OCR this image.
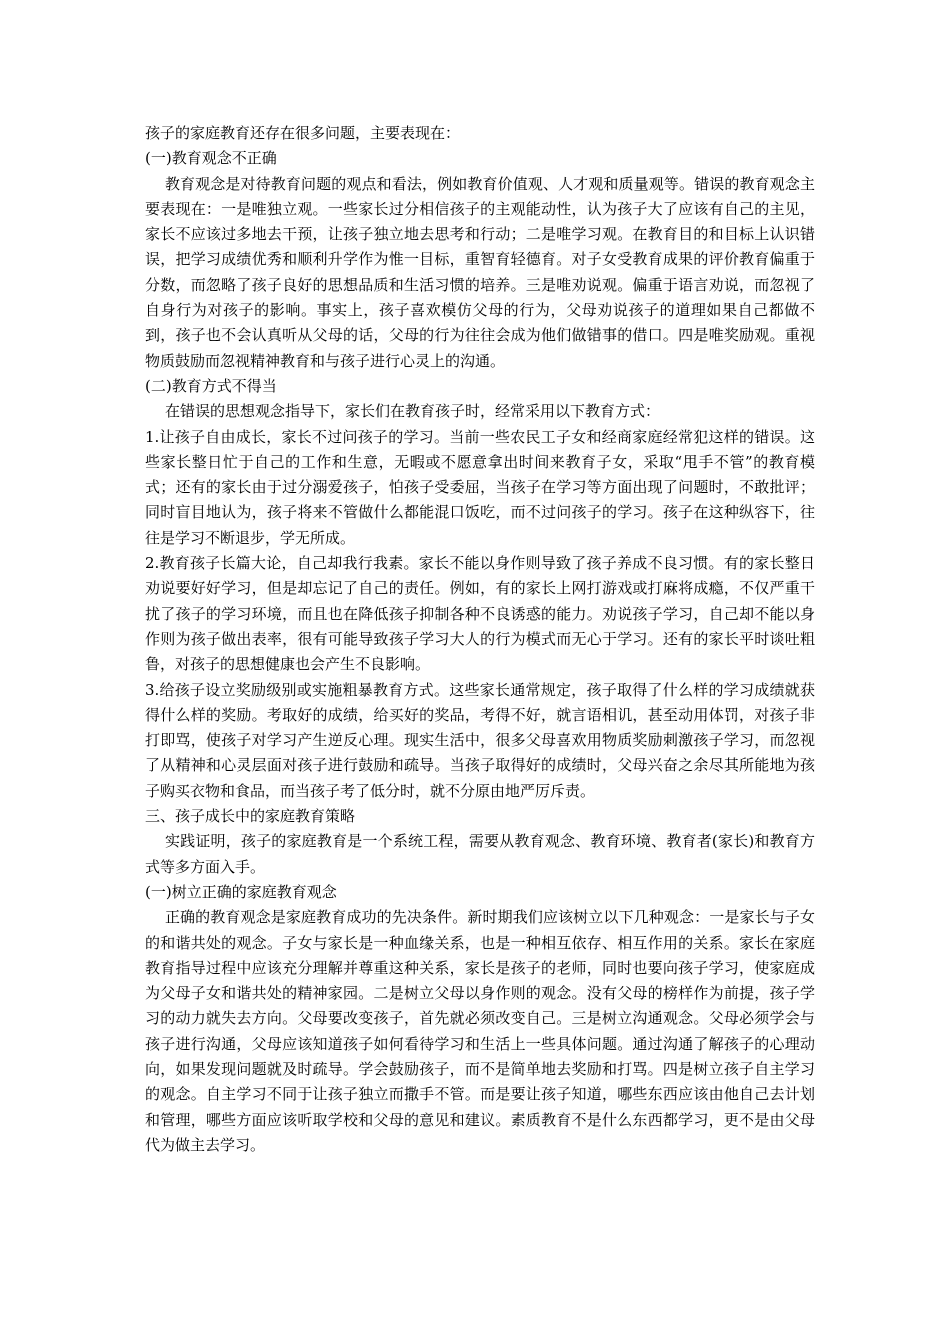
孩子的家庭教育还存在很多问题，主要表现在：

(一)教育观念不正确

教育观念是对待教育问题的观点和看法，例如教育价值观、人才观和质量观等。错误的教育观念主要表现在：一是唯独立观。一些家长过分相信孩子的主观能动性，认为孩子大了应该有自己的主见，家长不应该过多地去干预，让孩子独立地去思考和行动；二是唯学习观。在教育目的和目标上认识错误，把学习成绩优秀和顺利升学作为惟一目标，重智育轻德育。对子女受教育成果的评价教育偏重于分数，而忽略了孩子良好的思想品质和生活习惯的培养。三是唯劝说观。偏重于语言劝说，而忽视了自身行为对孩子的影响。事实上，孩子喜欢模仿父母的行为，父母劝说孩子的道理如果自己都做不到，孩子也不会认真听从父母的话，父母的行为往往会成为他们做错事的借口。四是唯奖励观。重视物质鼓励而忽视精神教育和与孩子进行心灵上的沟通。

(二)教育方式不得当

在错误的思想观念指导下，家长们在教育孩子时，经常采用以下教育方式：

1.让孩子自由成长，家长不过问孩子的学习。当前一些农民工子女和经商家庭经常犯这样的错误。这些家长整日忙于自己的工作和生意，无暇或不愿意拿出时间来教育子女，采取“甩手不管”的教育模式；还有的家长由于过分溺爱孩子，怕孩子受委屈，当孩子在学习等方面出现了问题时，不敢批评；同时盲目地认为，孩子将来不管做什么都能混口饭吃，而不过问孩子的学习。孩子在这种纵容下，往往是学习不断退步，学无所成。

2.教育孩子长篇大论，自己却我行我素。家长不能以身作则导致了孩子养成不良习惯。有的家长整日劝说要好好学习，但是却忘记了自己的责任。例如，有的家长上网打游戏或打麻将成瘾，不仅严重干扰了孩子的学习环境，而且也在降低孩子抑制各种不良诱惑的能力。劝说孩子学习，自己却不能以身作则为孩子做出表率，很有可能导致孩子学习大人的行为模式而无心于学习。还有的家长平时谈吐粗鲁，对孩子的思想健康也会产生不良影响。

3.给孩子设立奖励级别或实施粗暴教育方式。这些家长通常规定，孩子取得了什么样的学习成绩就获得什么样的奖励。考取好的成绩，给买好的奖品，考得不好，就言语相讥，甚至动用体罚，对孩子非打即骂，使孩子对学习产生逆反心理。现实生活中，很多父母喜欢用物质奖励刺激孩子学习，而忽视了从精神和心灵层面对孩子进行鼓励和疏导。当孩子取得好的成绩时，父母兴奋之余尽其所能地为孩子购买衣物和食品，而当孩子考了低分时，就不分原由地严厉斥责。

三、孩子成长中的家庭教育策略

实践证明，孩子的家庭教育是一个系统工程，需要从教育观念、教育环境、教育者(家长)和教育方式等多方面入手。

(一)树立正确的家庭教育观念

正确的教育观念是家庭教育成功的先决条件。新时期我们应该树立以下几种观念：一是家长与子女的和谐共处的观念。子女与家长是一种血缘关系，也是一种相互依存、相互作用的关系。家长在家庭教育指导过程中应该充分理解并尊重这种关系，家长是孩子的老师，同时也要向孩子学习，使家庭成为父母子女和谐共处的精神家园。二是树立父母以身作则的观念。没有父母的榜样作为前提，孩子学习的动力就失去方向。父母要改变孩子，首先就必须改变自己。三是树立沟通观念。父母必须学会与孩子进行沟通，父母应该知道孩子如何看待学习和生活上一些具体问题。通过沟通了解孩子的心理动向，如果发现问题就及时疏导。学会鼓励孩子，而不是简单地去奖励和打骂。四是树立孩子自主学习的观念。自主学习不同于让孩子独立而撒手不管。而是要让孩子知道，哪些东西应该由他自己去计划和管理，哪些方面应该听取学校和父母的意见和建议。素质教育不是什么东西都学习，更不是由父母代为做主去学习。
